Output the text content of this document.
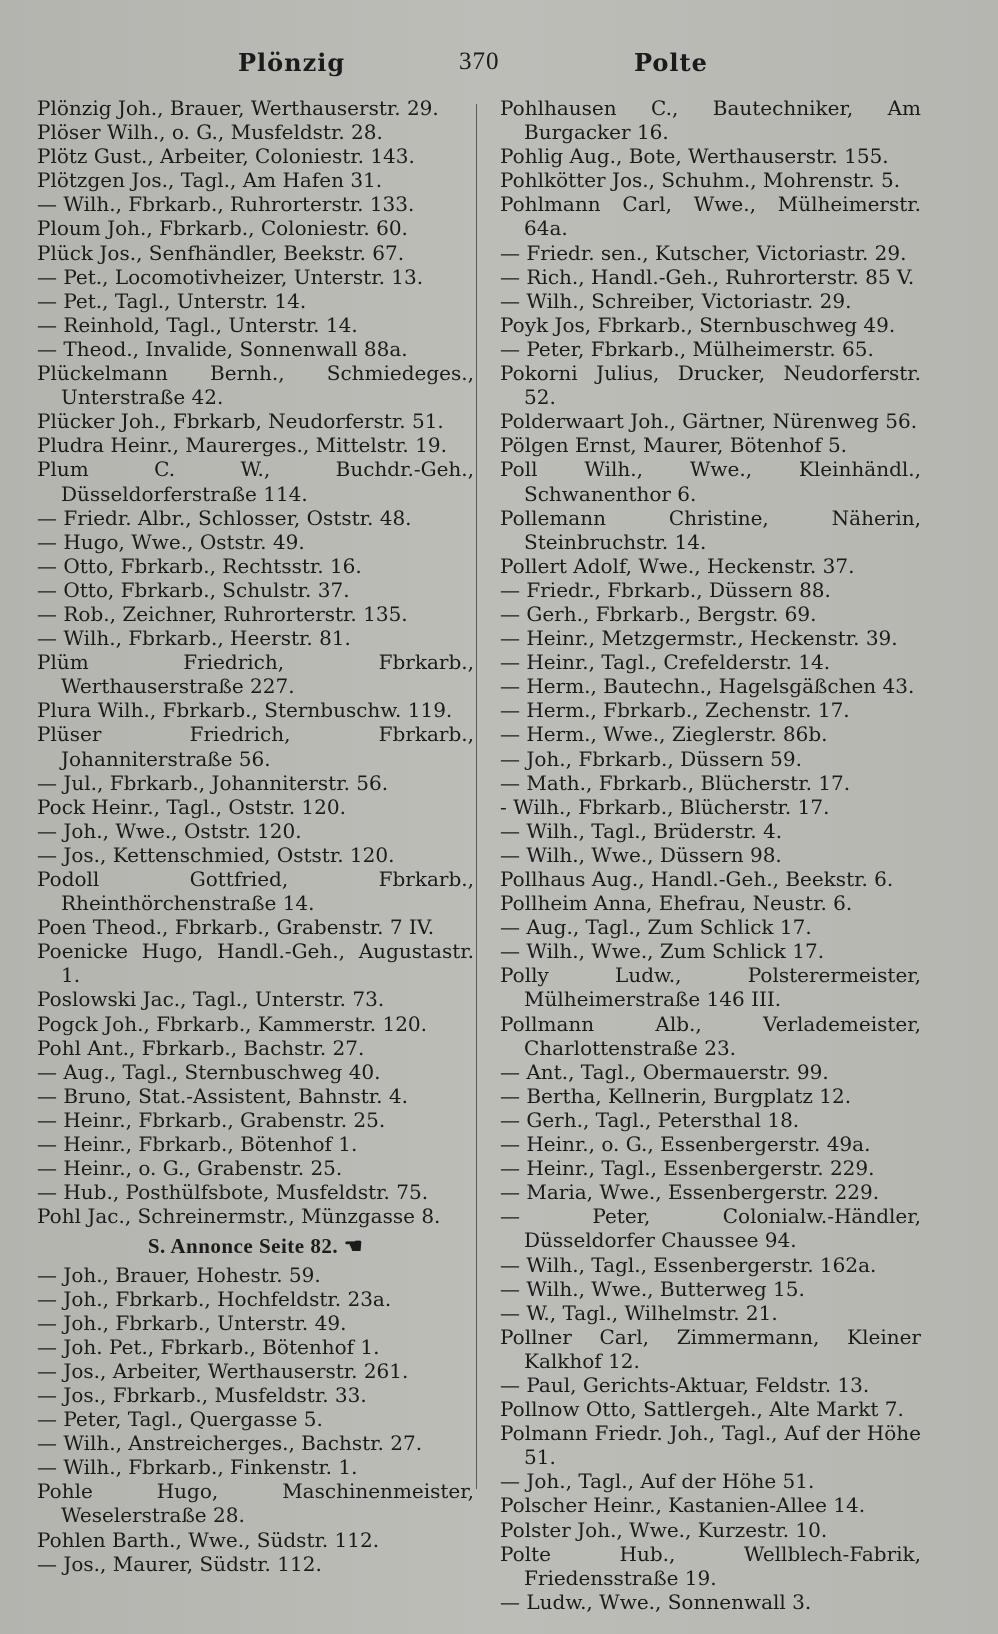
Plönzig	370	Polte
Plönzig Joh., Brauer, Werthauserstr. 29.
Plöser Wilh., o. G., Musfeldstr. 28.
Plötz Gust., Arbeiter, Coloniestr. 143.
Plötzgen Jos., Tagl., Am Hafen 31.
— Wilh., Fbrkarb., Ruhrorterstr. 133.
Ploum Joh., Fbrkarb., Coloniestr. 60.
Plück Jos., Senfhändler, Beekstr. 67.
— Pet., Locomotivheizer, Unterstr. 13.
— Pet., Tagl., Unterstr. 14.
— Reinhold, Tagl., Unterstr. 14.
— Theod., Invalide, Sonnenwall 88a.
Plückelmann Bernh., Schmiedeges., Unterstraße 42.
Plücker Joh., Fbrkarb, Neudorferstr. 51.
Pludra Heinr., Maurerges., Mittelstr. 19.
Plum C. W., Buchdr.-Geh., Düsseldorferstraße 114.
— Friedr. Albr., Schlosser, Oststr. 48.
— Hugo, Wwe., Oststr. 49.
— Otto, Fbrkarb., Rechtsstr. 16.
— Otto, Fbrkarb., Schulstr. 37.
— Rob., Zeichner, Ruhrorterstr. 135.
— Wilh., Fbrkarb., Heerstr. 81.
Plüm Friedrich, Fbrkarb., Werthauserstraße 227.
Plura Wilh., Fbrkarb., Sternbuschw. 119.
Plüser Friedrich, Fbrkarb., Johanniterstraße 56.
— Jul., Fbrkarb., Johanniterstr. 56.
Pock Heinr., Tagl., Oststr. 120.
— Joh., Wwe., Oststr. 120.
— Jos., Kettenschmied, Oststr. 120.
Podoll Gottfried, Fbrkarb., Rheinthörchenstraße 14.
Poen Theod., Fbrkarb., Grabenstr. 7 IV.
Poenicke Hugo, Handl.-Geh., Augustastr. 1.
Poslowski Jac., Tagl., Unterstr. 73.
Pogck Joh., Fbrkarb., Kammerstr. 120.
Pohl Ant., Fbrkarb., Bachstr. 27.
— Aug., Tagl., Sternbuschweg 40.
— Bruno, Stat.-Assistent, Bahnstr. 4.
— Heinr., Fbrkarb., Grabenstr. 25.
— Heinr., Fbrkarb., Bötenhof 1.
— Heinr., o. G., Grabenstr. 25.
— Hub., Posthülfsbote, Musfeldstr. 75.
Pohl Jac., Schreinermstr., Münzgasse 8.
S. Annonce Seite 82. ☚
— Joh., Brauer, Hohestr. 59.
— Joh., Fbrkarb., Hochfeldstr. 23a.
— Joh., Fbrkarb., Unterstr. 49.
— Joh. Pet., Fbrkarb., Bötenhof 1.
— Jos., Arbeiter, Werthauserstr. 261.
— Jos., Fbrkarb., Musfeldstr. 33.
— Peter, Tagl., Quergasse 5.
— Wilh., Anstreicherges., Bachstr. 27.
— Wilh., Fbrkarb., Finkenstr. 1.
Pohle Hugo, Maschinenmeister, Weselerstraße 28.
Pohlen Barth., Wwe., Südstr. 112.
— Jos., Maurer, Südstr. 112.
Pohlhausen C., Bautechniker, Am Burgacker 16.
Pohlig Aug., Bote, Werthauserstr. 155.
Pohlkötter Jos., Schuhm., Mohrenstr. 5.
Pohlmann Carl, Wwe., Mülheimerstr. 64a.
— Friedr. sen., Kutscher, Victoriastr. 29.
— Rich., Handl.-Geh., Ruhrorterstr. 85 V.
— Wilh., Schreiber, Victoriastr. 29.
Poyk Jos, Fbrkarb., Sternbuschweg 49.
— Peter, Fbrkarb., Mülheimerstr. 65.
Pokorni Julius, Drucker, Neudorferstr. 52.
Polderwaart Joh., Gärtner, Nürenweg 56.
Pölgen Ernst, Maurer, Bötenhof 5.
Poll Wilh., Wwe., Kleinhändl., Schwanenthor 6.
Pollemann Christine, Näherin, Steinbruchstr. 14.
Pollert Adolf, Wwe., Heckenstr. 37.
— Friedr., Fbrkarb., Düssern 88.
— Gerh., Fbrkarb., Bergstr. 69.
— Heinr., Metzgermstr., Heckenstr. 39.
— Heinr., Tagl., Crefelderstr. 14.
— Herm., Bautechn., Hagelsgäßchen 43.
— Herm., Fbrkarb., Zechenstr. 17.
— Herm., Wwe., Zieglerstr. 86b.
— Joh., Fbrkarb., Düssern 59.
— Math., Fbrkarb., Blücherstr. 17.
- Wilh., Fbrkarb., Blücherstr. 17.
— Wilh., Tagl., Brüderstr. 4.
— Wilh., Wwe., Düssern 98.
Pollhaus Aug., Handl.-Geh., Beekstr. 6.
Pollheim Anna, Ehefrau, Neustr. 6.
— Aug., Tagl., Zum Schlick 17.
— Wilh., Wwe., Zum Schlick 17.
Polly Ludw., Polsterermeister, Mülheimerstraße 146 III.
Pollmann Alb., Verlademeister, Charlottenstraße 23.
— Ant., Tagl., Obermauerstr. 99.
— Bertha, Kellnerin, Burgplatz 12.
— Gerh., Tagl., Petersthal 18.
— Heinr., o. G., Essenbergerstr. 49a.
— Heinr., Tagl., Essenbergerstr. 229.
— Maria, Wwe., Essenbergerstr. 229.
— Peter, Colonialw.-Händler, Düsseldorfer Chaussee 94.
— Wilh., Tagl., Essenbergerstr. 162a.
— Wilh., Wwe., Butterweg 15.
— W., Tagl., Wilhelmstr. 21.
Pollner Carl, Zimmermann, Kleiner Kalkhof 12.
— Paul, Gerichts-Aktuar, Feldstr. 13.
Pollnow Otto, Sattlergeh., Alte Markt 7.
Polmann Friedr. Joh., Tagl., Auf der Höhe 51.
— Joh., Tagl., Auf der Höhe 51.
Polscher Heinr., Kastanien-Allee 14.
Polster Joh., Wwe., Kurzestr. 10.
Polte Hub., Wellblech-Fabrik, Friedensstraße 19.
— Ludw., Wwe., Sonnenwall 3.
